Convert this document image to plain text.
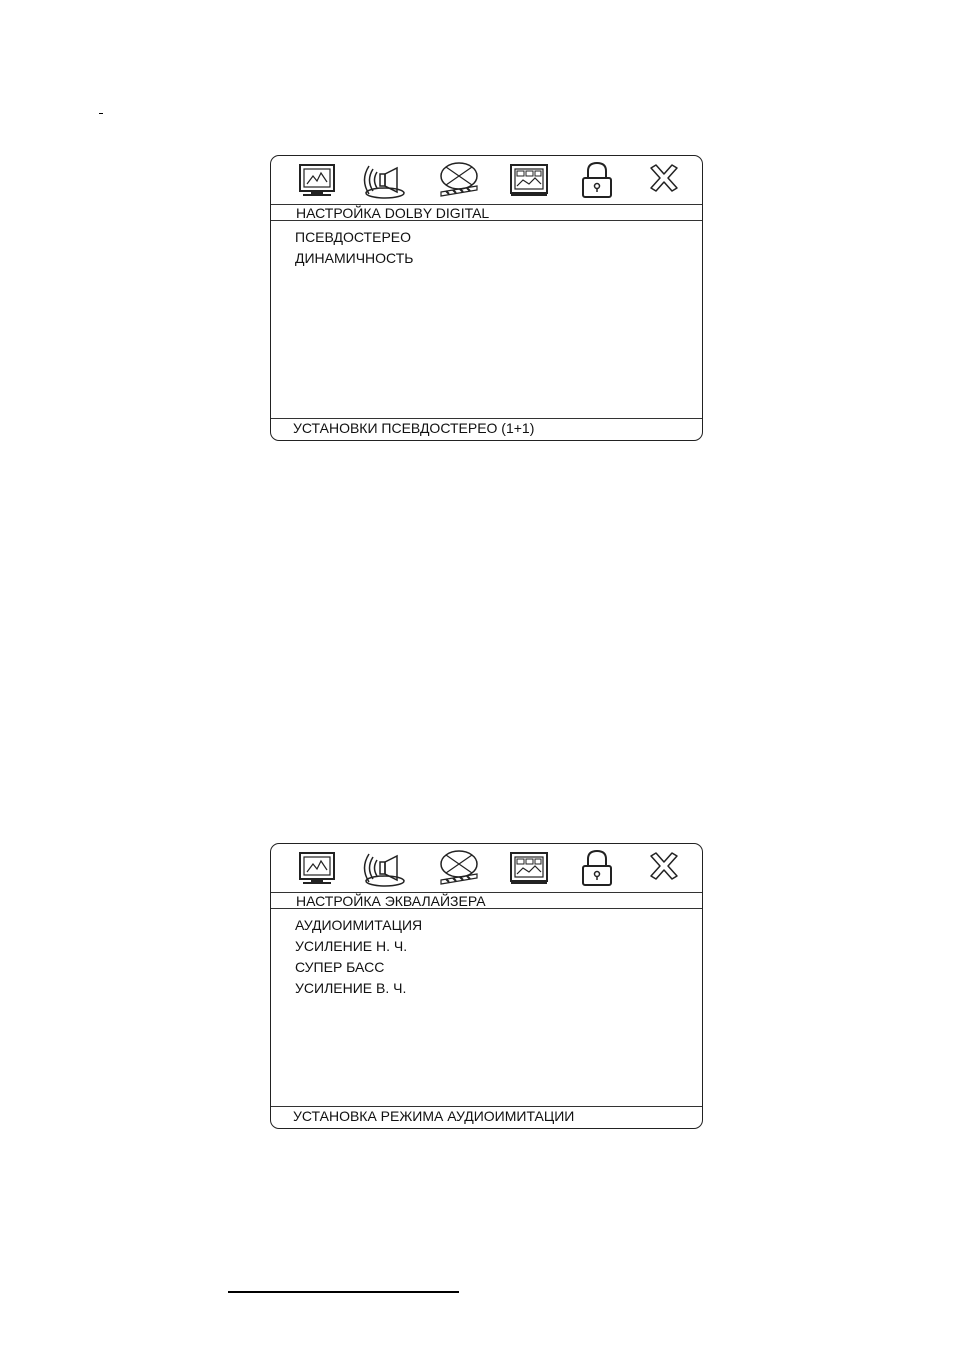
НАСТРОЙКА DOLBY DIGITAL
ПСЕВДОСТЕРЕО
ДИНАМИЧНОСТЬ
УСТАНОВКИ ПСЕВДОСТЕРЕО (1+1)
НАСТРОЙКА ЭКВАЛАЙЗЕРА
АУДИОИМИТАЦИЯ
УСИЛЕНИЕ Н. Ч.
СУПЕР БАСС
УСИЛЕНИЕ В. Ч.
УСТАНОВКА РЕЖИМА АУДИОИМИТАЦИИ
